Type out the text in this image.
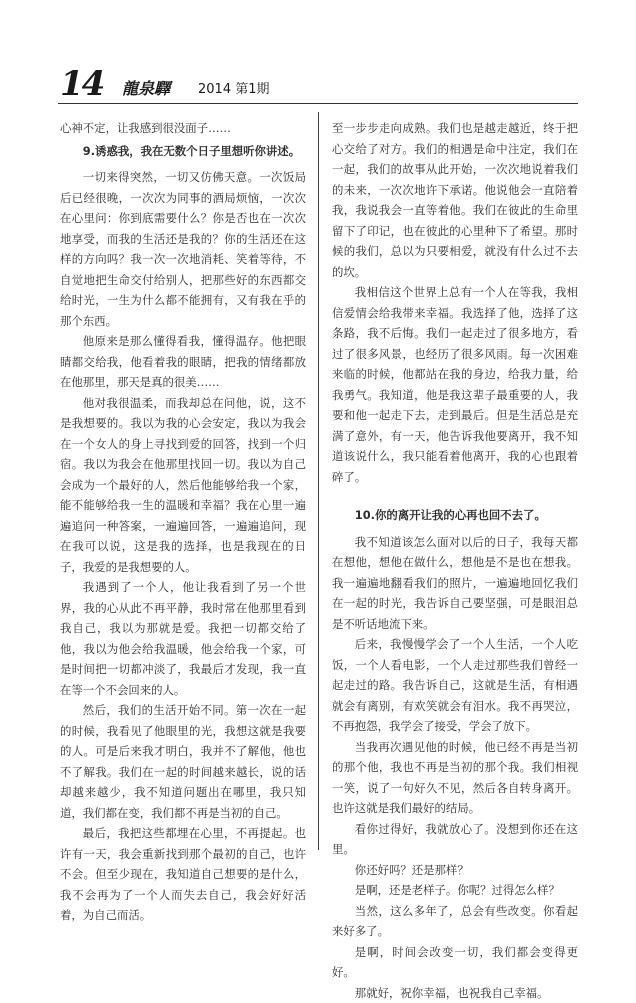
14 龍泉驛 2014 第1期

心神不定，让我感到很没面子……

9.诱惑我，我在无数个日子里想听你讲述。

一切来得突然，一切又仿佛天意。一次饭局后已经很晚，一次次为同事的酒局烦恼，一次次在心里问：你到底需要什么？你是否也在一次次地享受，而我的生活还是我的？你的生活还在这样的方向吗？我一次一次地消耗、笑着等待，不自觉地把生命交付给别人，把那些好的东西都交给时光，一生为什么都不能拥有，又有我在乎的那个东西。

他原来是那么懂得看我，懂得温存。他把眼睛都交给我，他看着我的眼睛，把我的情绪都放在他那里，那天是真的很美……

他对我很温柔，而我却总在问他，说，这不是我想要的。我以为我的心会安定，我以为我会在一个女人的身上寻找到爱的回答，找到一个归宿。我以为我会在他那里找回一切。我以为自己会成为一个最好的人，然后他能够给我一个家，能不能够给我一生的温暖和幸福？我在心里一遍遍追问一种答案，一遍遍回答，一遍遍追问，现在我可以说，这是我的选择，也是我现在的日子，我爱的是我想要的人。

我遇到了一个人，他让我看到了另一个世界，我的心从此不再平静，我时常在他那里看到我自己，我以为那就是爱。我把一切都交给了他，我以为他会给我温暖，他会给我一个家，可是时间把一切都冲淡了，我最后才发现，我一直在等一个不会回来的人。

然后，我们的生活开始不同。第一次在一起的时候，我看见了他眼里的光，我想这就是我要的人。可是后来我才明白，我并不了解他，他也不了解我。我们在一起的时间越来越长，说的话却越来越少，我不知道问题出在哪里，我只知道，我们都在变，我们都不再是当初的自己。

最后，我把这些都埋在心里，不再提起。也许有一天，我会重新找到那个最初的自己，也许不会。但至少现在，我知道自己想要的是什么，我不会再为了一个人而失去自己，我会好好活着，为自己而活。

至一步步走向成熟。我们也是越走越近，终于把心交给了对方。我们的相遇是命中注定，我们在一起，我们的故事从此开始，一次次地说着我们的未来，一次次地许下承诺。他说他会一直陪着我，我说我会一直等着他。我们在彼此的生命里留下了印记，也在彼此的心里种下了希望。那时候的我们，总以为只要相爱，就没有什么过不去的坎。

我相信这个世界上总有一个人在等我，我相信爱情会给我带来幸福。我选择了他，选择了这条路，我不后悔。我们一起走过了很多地方，看过了很多风景，也经历了很多风雨。每一次困难来临的时候，他都站在我的身边，给我力量，给我勇气。我知道，他是我这辈子最重要的人，我要和他一起走下去，走到最后。但是生活总是充满了意外，有一天，他告诉我他要离开，我不知道该说什么，我只能看着他离开，我的心也跟着碎了。

10.你的离开让我的心再也回不去了。

我不知道该怎么面对以后的日子，我每天都在想他，想他在做什么，想他是不是也在想我。我一遍遍地翻看我们的照片，一遍遍地回忆我们在一起的时光，我告诉自己要坚强，可是眼泪总是不听话地流下来。

后来，我慢慢学会了一个人生活，一个人吃饭，一个人看电影，一个人走过那些我们曾经一起走过的路。我告诉自己，这就是生活，有相遇就会有离别，有欢笑就会有泪水。我不再哭泣，不再抱怨，我学会了接受，学会了放下。

当我再次遇见他的时候，他已经不再是当初的那个他，我也不再是当初的那个我。我们相视一笑，说了一句好久不见，然后各自转身离开。也许这就是我们最好的结局。

看你过得好，我就放心了。没想到你还在这里。

你还好吗？还是那样？

是啊，还是老样子。你呢？过得怎么样？

当然，这么多年了，总会有些改变。你看起来好多了。

是啊，时间会改变一切，我们都会变得更好。

那就好，祝你幸福，也祝我自己幸福。
